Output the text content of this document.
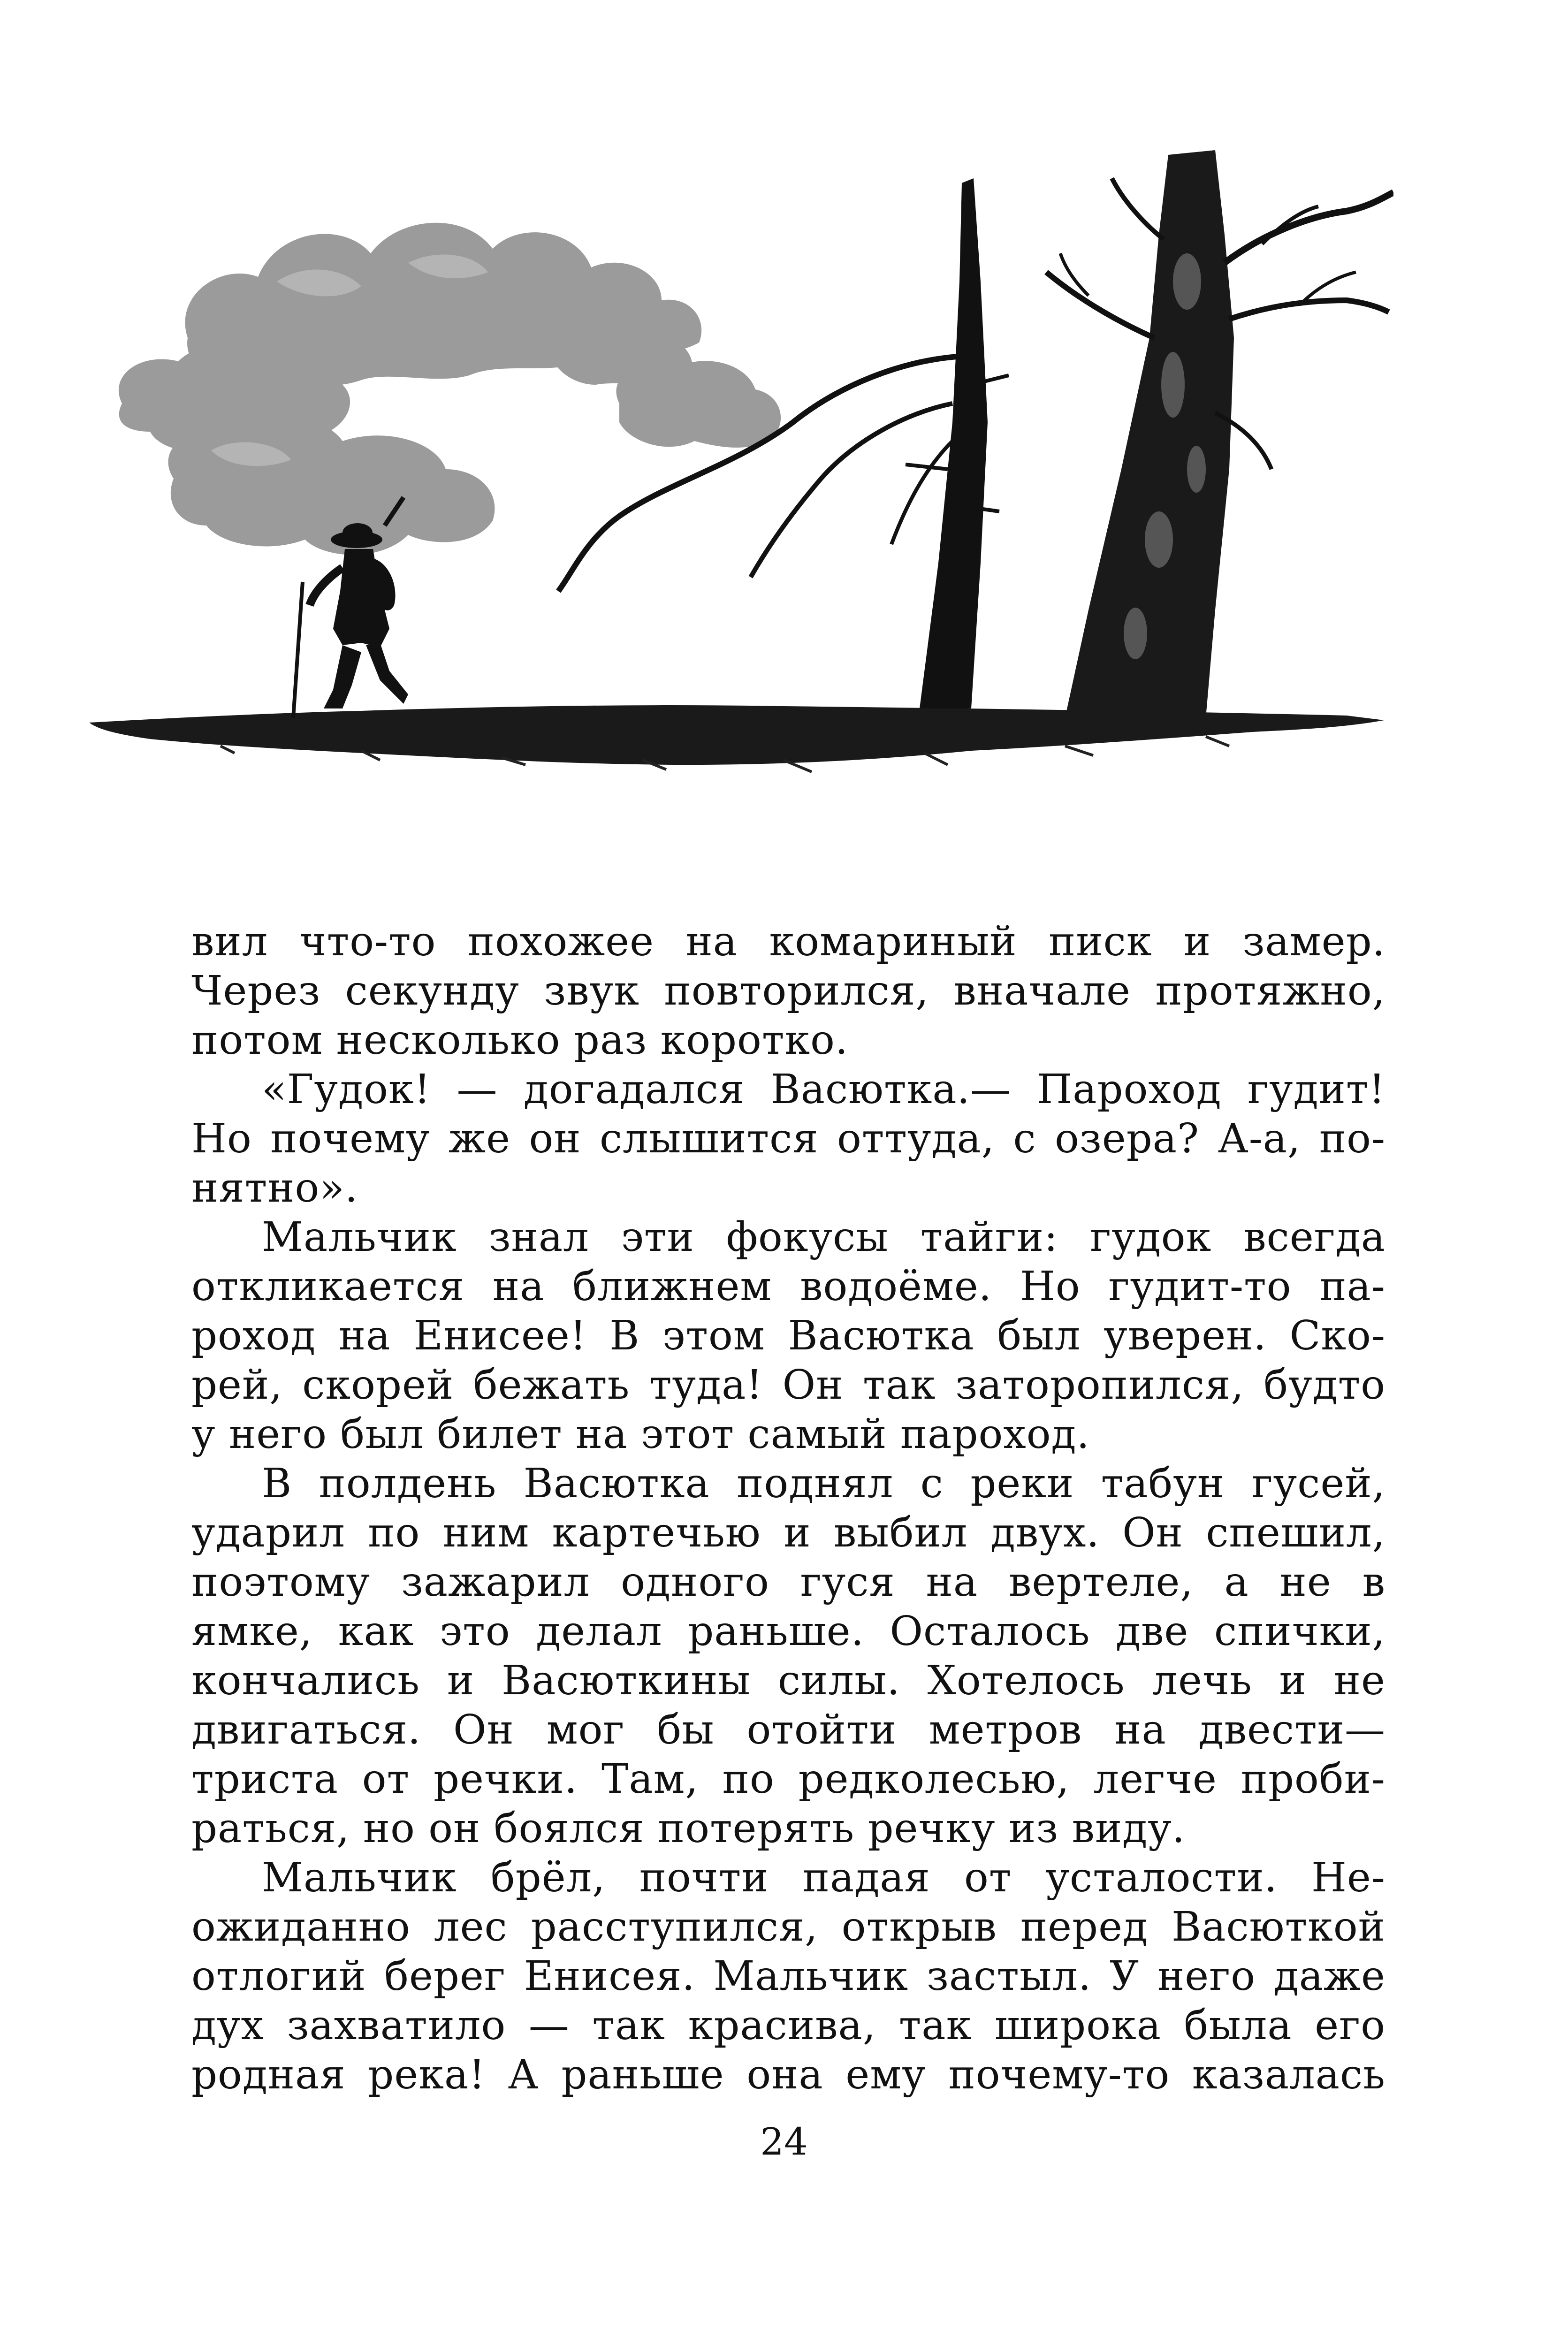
вил что-то похожее на комариный писк и замер.
Через секунду звук повторился, вначале протяжно,
потом несколько раз коротко.
«Гудок! — догадался Васютка.— Пароход гудит!
Но почему же он слышится оттуда, с озера? А-а, по-
нятно».
Мальчик знал эти фокусы тайги: гудок всегда
откликается на ближнем водоёме. Но гудит-то па-
роход на Енисее! В этом Васютка был уверен. Ско-
рей, скорей бежать туда! Он так заторопился, будто
у него был билет на этот самый пароход.
В полдень Васютка поднял с реки табун гусей,
ударил по ним картечью и выбил двух. Он спешил,
поэтому зажарил одного гуся на вертеле, а не в
ямке, как это делал раньше. Осталось две спички,
кончались и Васюткины силы. Хотелось лечь и не
двигаться. Он мог бы отойти метров на двести—
триста от речки. Там, по редколесью, легче проби-
раться, но он боялся потерять речку из виду.
Мальчик брёл, почти падая от усталости. Не-
ожиданно лес расступился, открыв перед Васюткой
отлогий берег Енисея. Мальчик застыл. У него даже
дух захватило — так красива, так широка была его
родная река! А раньше она ему почему-то казалась
24
